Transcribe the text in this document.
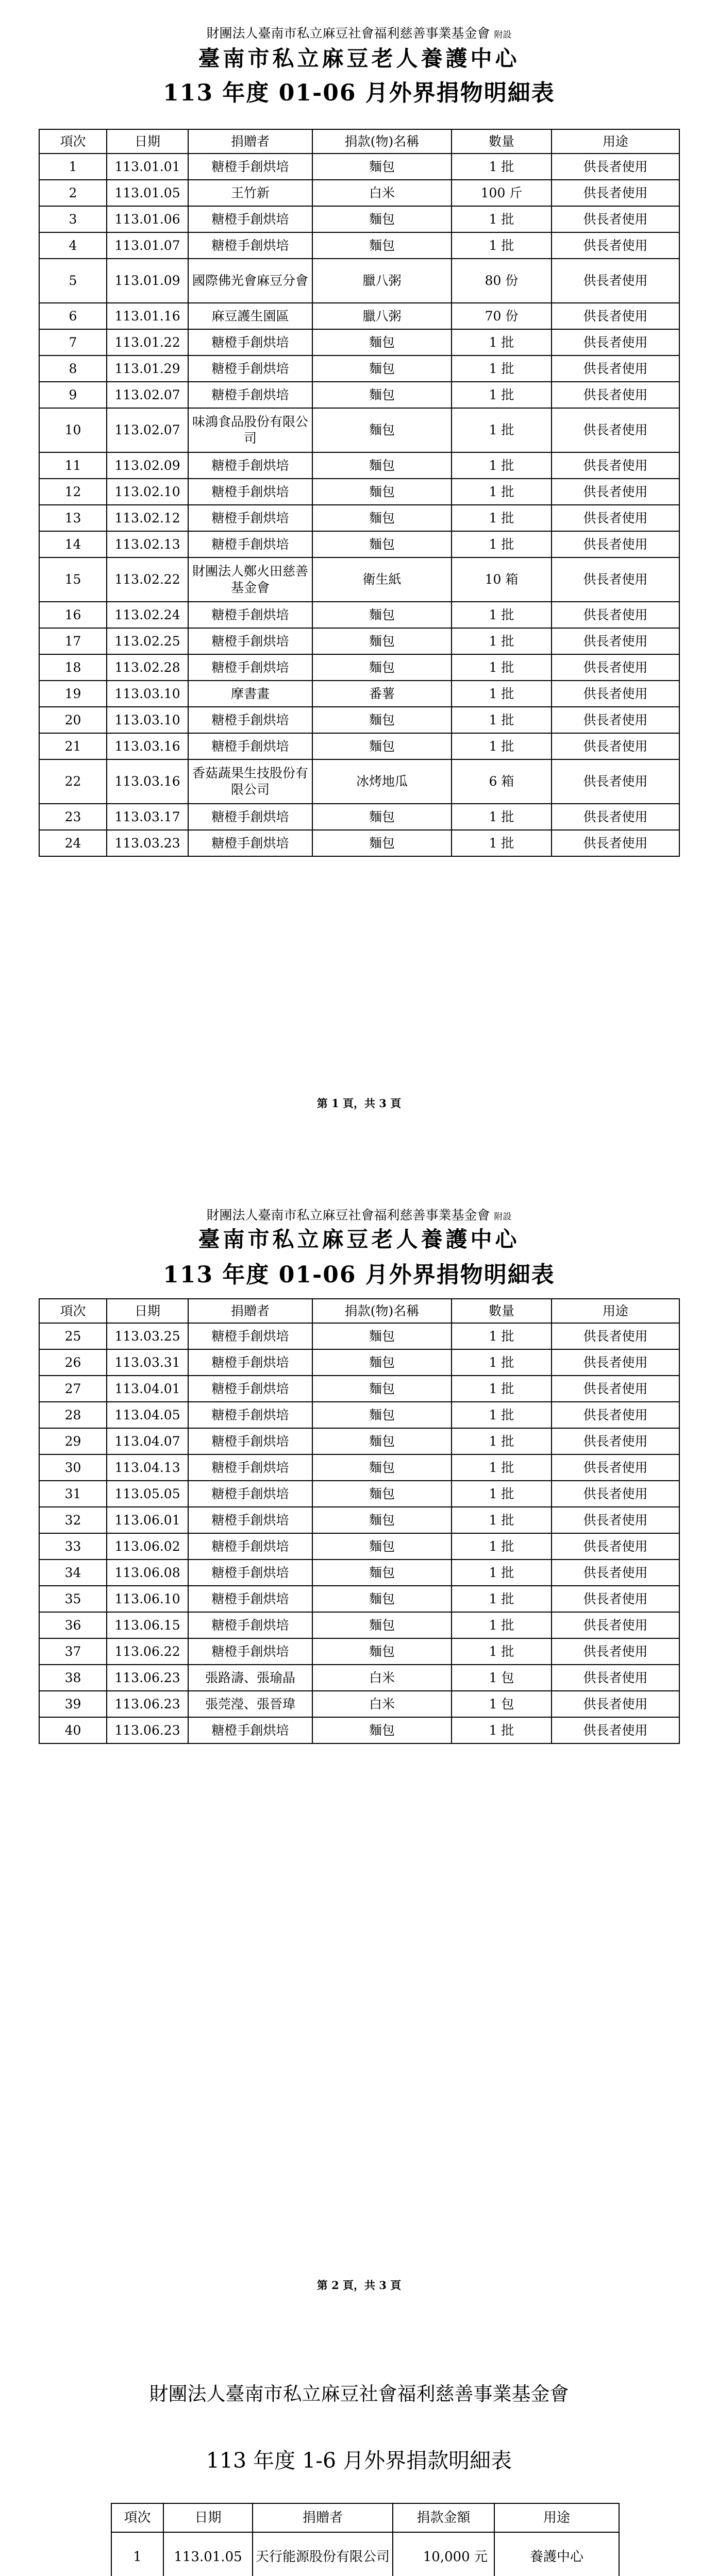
財團法人臺南市私立麻豆社會福利慈善事業基金會 附設
臺南市私立麻豆老人養護中心
113 年度 01-06 月外界捐物明細表
項次	日期	捐贈者	捐款(物)名稱	數量	用途
1	113.01.01	糖橙手創烘培	麵包	1 批	供長者使用
2	113.01.05	王竹新	白米	100 斤	供長者使用
3	113.01.06	糖橙手創烘培	麵包	1 批	供長者使用
4	113.01.07	糖橙手創烘培	麵包	1 批	供長者使用
5	113.01.09	國際佛光會麻豆分會	臘八粥	80 份	供長者使用
6	113.01.16	麻豆護生園區	臘八粥	70 份	供長者使用
7	113.01.22	糖橙手創烘培	麵包	1 批	供長者使用
8	113.01.29	糖橙手創烘培	麵包	1 批	供長者使用
9	113.02.07	糖橙手創烘培	麵包	1 批	供長者使用
10	113.02.07	味鴻食品股份有限公司	麵包	1 批	供長者使用
11	113.02.09	糖橙手創烘培	麵包	1 批	供長者使用
12	113.02.10	糖橙手創烘培	麵包	1 批	供長者使用
13	113.02.12	糖橙手創烘培	麵包	1 批	供長者使用
14	113.02.13	糖橙手創烘培	麵包	1 批	供長者使用
15	113.02.22	財團法人鄭火田慈善基金會	衛生紙	10 箱	供長者使用
16	113.02.24	糖橙手創烘培	麵包	1 批	供長者使用
17	113.02.25	糖橙手創烘培	麵包	1 批	供長者使用
18	113.02.28	糖橙手創烘培	麵包	1 批	供長者使用
19	113.03.10	摩書畫	番薯	1 批	供長者使用
20	113.03.10	糖橙手創烘培	麵包	1 批	供長者使用
21	113.03.16	糖橙手創烘培	麵包	1 批	供長者使用
22	113.03.16	香菇蔬果生技股份有限公司	冰烤地瓜	6 箱	供長者使用
23	113.03.17	糖橙手創烘培	麵包	1 批	供長者使用
24	113.03.23	糖橙手創烘培	麵包	1 批	供長者使用
第 1 頁，共 3 頁
財團法人臺南市私立麻豆社會福利慈善事業基金會 附設
臺南市私立麻豆老人養護中心
113 年度 01-06 月外界捐物明細表
項次	日期	捐贈者	捐款(物)名稱	數量	用途
25	113.03.25	糖橙手創烘培	麵包	1 批	供長者使用
26	113.03.31	糖橙手創烘培	麵包	1 批	供長者使用
27	113.04.01	糖橙手創烘培	麵包	1 批	供長者使用
28	113.04.05	糖橙手創烘培	麵包	1 批	供長者使用
29	113.04.07	糖橙手創烘培	麵包	1 批	供長者使用
30	113.04.13	糖橙手創烘培	麵包	1 批	供長者使用
31	113.05.05	糖橙手創烘培	麵包	1 批	供長者使用
32	113.06.01	糖橙手創烘培	麵包	1 批	供長者使用
33	113.06.02	糖橙手創烘培	麵包	1 批	供長者使用
34	113.06.08	糖橙手創烘培	麵包	1 批	供長者使用
35	113.06.10	糖橙手創烘培	麵包	1 批	供長者使用
36	113.06.15	糖橙手創烘培	麵包	1 批	供長者使用
37	113.06.22	糖橙手創烘培	麵包	1 批	供長者使用
38	113.06.23	張路濤、張瑜晶	白米	1 包	供長者使用
39	113.06.23	張莞瀅、張晉瑋	白米	1 包	供長者使用
40	113.06.23	糖橙手創烘培	麵包	1 批	供長者使用
第 2 頁，共 3 頁
財團法人臺南市私立麻豆社會福利慈善事業基金會
113 年度 1-6 月外界捐款明細表
項次	日期	捐贈者	捐款金額	用途
1	113.01.05	天行能源股份有限公司	10,000 元	養護中心
